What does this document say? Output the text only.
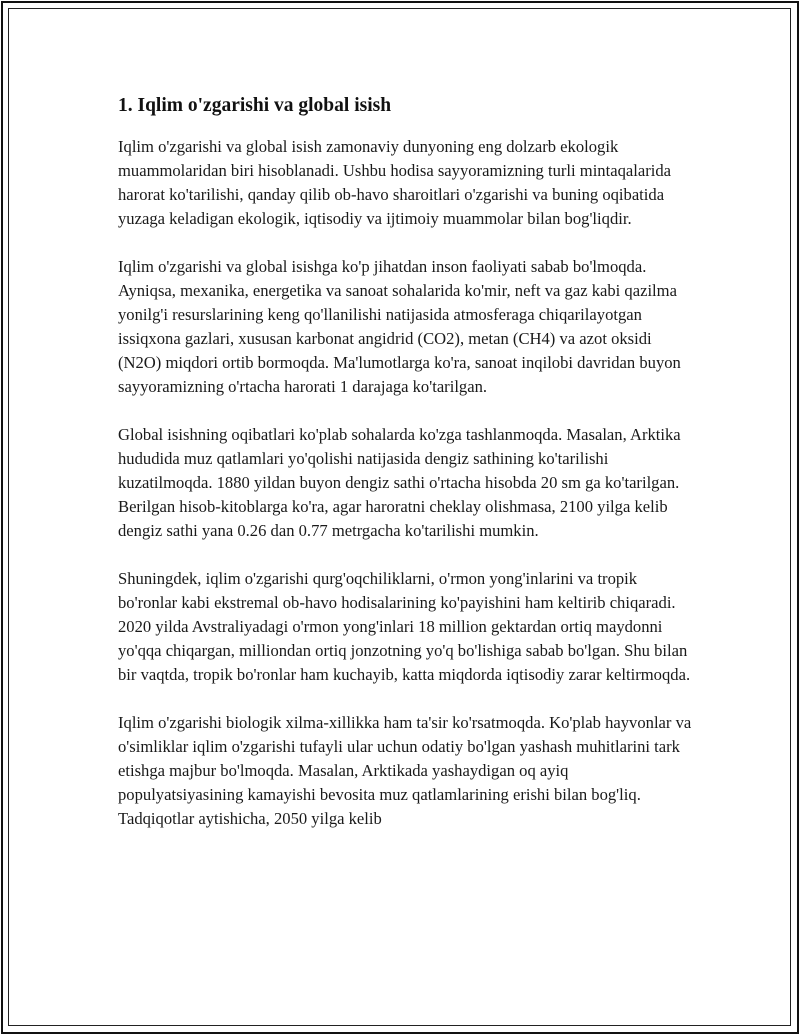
1. Iqlim o'zgarishi va global isish

Iqlim o'zgarishi va global isish zamonaviy dunyoning eng dolzarb ekologik muammolaridan biri hisoblanadi. Ushbu hodisa sayyoramizning turli mintaqalarida harorat ko'tarilishi, qanday qilib ob-havo sharoitlari o'zgarishi va buning oqibatida yuzaga keladigan ekologik, iqtisodiy va ijtimoiy muammolar bilan bog'liqdir.

Iqlim o'zgarishi va global isishga ko'p jihatdan inson faoliyati sabab bo'lmoqda. Ayniqsa, mexanika, energetika va sanoat sohalarida ko'mir, neft va gaz kabi qazilma yonilg'i resurslarining keng qo'llanilishi natijasida atmosferaga chiqarilayotgan issiqxona gazlari, xususan karbonat angidrid (CO2), metan (CH4) va azot oksidi (N2O) miqdori ortib bormoqda. Ma'lumotlarga ko'ra, sanoat inqilobi davridan buyon sayyoramizning o'rtacha harorati 1 darajaga ko'tarilgan.

Global isishning oqibatlari ko'plab sohalarda ko'zga tashlanmoqda. Masalan, Arktika hududida muz qatlamlari yo'qolishi natijasida dengiz sathining ko'tarilishi kuzatilmoqda. 1880 yildan buyon dengiz sathi o'rtacha hisobda 20 sm ga ko'tarilgan. Berilgan hisob-kitoblarga ko'ra, agar haroratni cheklay olishmasa, 2100 yilga kelib dengiz sathi yana 0.26 dan 0.77 metrgacha ko'tarilishi mumkin.

Shuningdek, iqlim o'zgarishi qurg'oqchiliklarni, o'rmon yong'inlarini va tropik bo'ronlar kabi ekstremal ob-havo hodisalarining ko'payishini ham keltirib chiqaradi. 2020 yilda Avstraliyadagi o'rmon yong'inlari 18 million gektardan ortiq maydonni yo'qqa chiqargan, milliondan ortiq jonzotning yo'q bo'lishiga sabab bo'lgan. Shu bilan bir vaqtda, tropik bo'ronlar ham kuchayib, katta miqdorda iqtisodiy zarar keltirmoqda.

Iqlim o'zgarishi biologik xilma-xillikka ham ta'sir ko'rsatmoqda. Ko'plab hayvonlar va o'simliklar iqlim o'zgarishi tufayli ular uchun odatiy bo'lgan yashash muhitlarini tark etishga majbur bo'lmoqda. Masalan, Arktikada yashaydigan oq ayiq populyatsiyasining kamayishi bevosita muz qatlamlarining erishi bilan bog'liq. Tadqiqotlar aytishicha, 2050 yilga kelib
